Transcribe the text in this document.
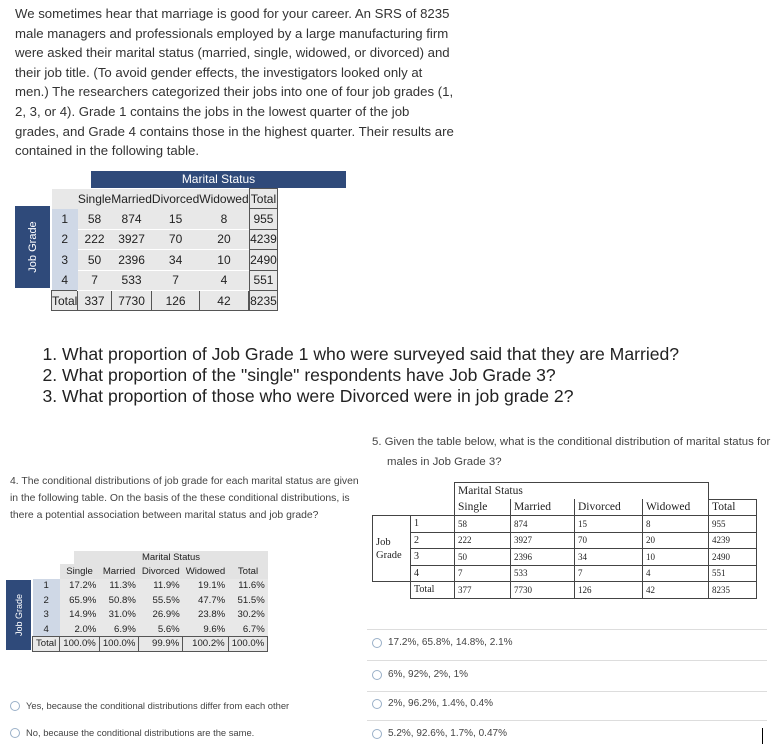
We sometimes hear that marriage is good for your career. An SRS of 8235 male managers and professionals employed by a large manufacturing firm were asked their marital status (married, single, widowed, or divorced) and their job title. (To avoid gender effects, the investigators looked only at men.) The researchers categorized their jobs into one of four job grades (1, 2, 3, or 4). Grade 1 contains the jobs in the lowest quarter of the job grades, and Grade 4 contains those in the highest quarter. Their results are contained in the following table.

Marital Status
Job Grade
	Single	Married	Divorced	Widowed		Total
1	58	874	15	8		955
2	222	3927	70	20		4239
3	50	2396	34	10		2490
4	7	533	7	4		551
Total	337	7730	126	42		8235
1. What proportion of Job Grade 1 who were surveyed said that they are Married?
2. What proportion of the "single" respondents have Job Grade 3?
3. What proportion of those who were Divorced were in job grade 2?

4. The conditional distributions of job grade for each marital status are given in the following table. On the basis of the these conditional distributions, is there a potential association between marital status and job grade?

Marital Status
Job Grade
	Single	Married	Divorced	Widowed	Total
1	17.2%	11.3%	11.9%	19.1%	11.6%
2	65.9%	50.8%	55.5%	47.7%	51.5%
3	14.9%	31.0%	26.9%	23.8%	30.2%
4	2.0%	6.9%	5.6%	9.6%	6.7%
Total	100.0%	100.0%	99.9%	100.2%	100.0%
Yes, because the conditional distributions differ from each other
No, because the conditional distributions are the same.

5. Given the table below, what is the conditional distribution of marital status for males in Job Grade 3?

		Marital Status				
		Single	Married	Divorced	Widowed	Total
	1	58	874	15	8	955
Job
Grade	2	222	3927	70	20	4239
	3	50	2396	34	10	2490
	4	7	533	7	4	551
	Total	377	7730	126	42	8235
17.2%, 65.8%, 14.8%, 2.1%
6%, 92%, 2%, 1%
2%, 96.2%, 1.4%, 0.4%
5.2%, 92.6%, 1.7%, 0.47%
